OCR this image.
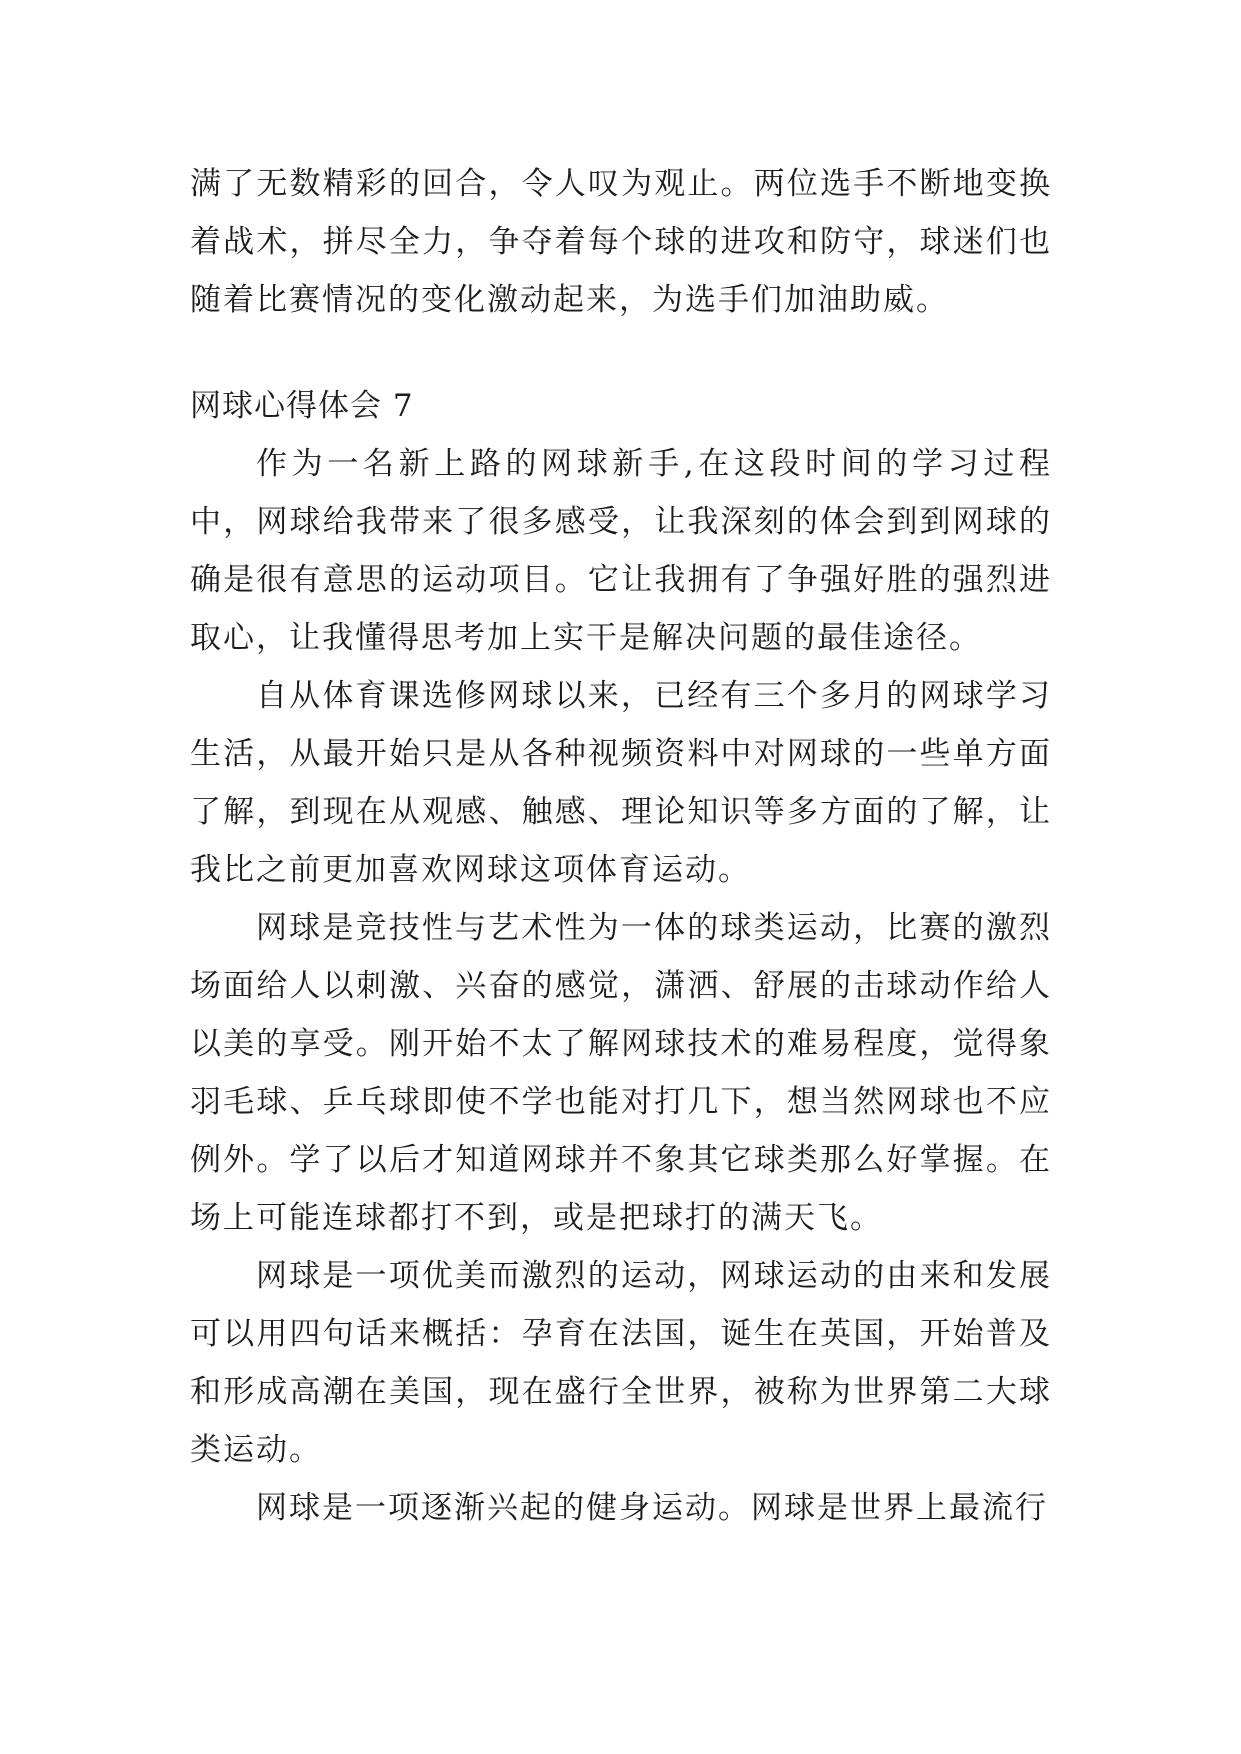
满了无数精彩的回合，令人叹为观止。两位选手不断地变换着战术，拼尽全力，争夺着每个球的进攻和防守，球迷们也随着比赛情况的变化激动起来，为选手们加油助威。

网球心得体会 7

作为一名新上路的网球新手,在这段时间的学习过程中，网球给我带来了很多感受，让我深刻的体会到到网球的确是很有意思的运动项目。它让我拥有了争强好胜的强烈进取心，让我懂得思考加上实干是解决问题的最佳途径。

自从体育课选修网球以来，已经有三个多月的网球学习生活，从最开始只是从各种视频资料中对网球的一些单方面了解，到现在从观感、触感、理论知识等多方面的了解，让我比之前更加喜欢网球这项体育运动。

网球是竞技性与艺术性为一体的球类运动，比赛的激烈场面给人以刺激、兴奋的感觉，潇洒、舒展的击球动作给人以美的享受。刚开始不太了解网球技术的难易程度，觉得象羽毛球、乒乓球即使不学也能对打几下，想当然网球也不应例外。学了以后才知道网球并不象其它球类那么好掌握。在场上可能连球都打不到，或是把球打的满天飞。

网球是一项优美而激烈的运动，网球运动的由来和发展可以用四句话来概括：孕育在法国，诞生在英国，开始普及和形成高潮在美国，现在盛行全世界，被称为世界第二大球类运动。

网球是一项逐渐兴起的健身运动。网球是世界上最流行
